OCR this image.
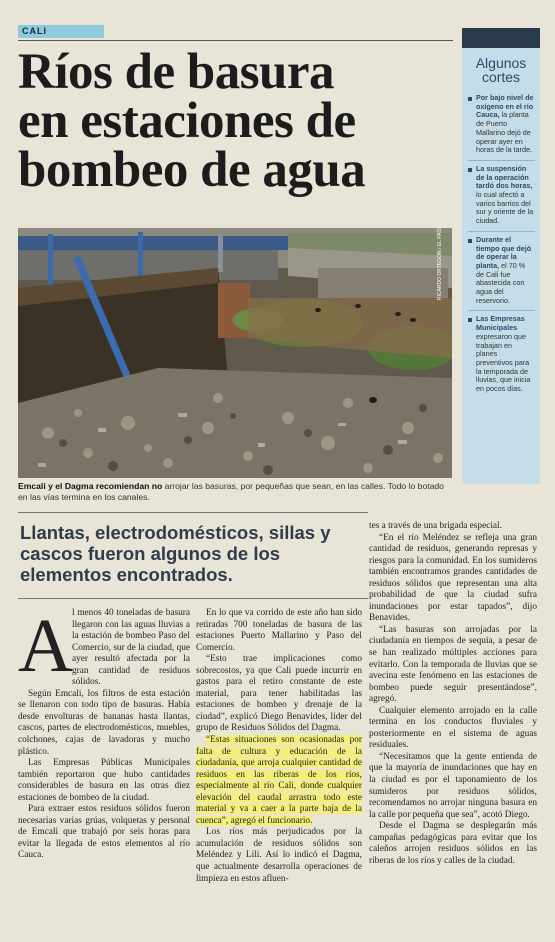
CALI
Ríos de basura
en estaciones de
bombeo de agua
RICARDO ORTEGÓN / EL PAÍS

Emcali y el Dagma recomiendan no arrojar las basuras, por pequeñas que sean, en las calles. Todo lo botado en las vías termina en los canales.

Algunos
cortes
Por bajo nivel de oxígeno en el río Cauca, la planta de Puerto Mallarino dejó de operar ayer en horas de la tarde.
La suspensión de la operación tardó dos horas, lo cual afectó a varios barrios del sur y oriente de la ciudad.
Durante el tiempo que dejó de operar la planta, el 70 % de Cali fue abastecida con agua del reservorio.
Las Empresas Municipales expresaron que trabajan en planes preventivos para la temporada de lluvias, que inicia en pocos días.
Llantas, electrodomésticos, sillas y cascos fueron algunos de los elementos encontrados.
A l menos 40 toneladas de basura llegaron con las aguas lluvias a la estación de bombeo Paso del Comercio, sur de la ciudad, que ayer resultó afectada por la gran cantidad de residuos sólidos.

Según Emcali, los filtros de esta estación se llenaron con todo tipo de basuras. Había desde envolturas de bananas hasta llantas, cascos, partes de electrodomésticos, muebles, colchones, cajas de lavadoras y mucho plástico.

Las Empresas Públicas Municipales también reportaron que hubo cantidades considerables de basura en las otras diez estaciones de bombeo de la ciudad.

Para extraer estos residuos sólidos fueron necesarias varias grúas, volquetas y personal de Emcali que trabajó por seis horas para evitar la llegada de estos elementos al río Cauca.

En lo que va corrido de este año han sido retiradas 700 toneladas de basura de las estaciones Puerto Mallarino y Paso del Comercio.

“Esto trae implicaciones como sobrecostos, ya que Cali puede incurrir en gastos para el retiro constante de este material, para tener habilitadas las estaciones de bombeo y drenaje de la ciudad”, explicó Diego Benavides, líder del grupo de Residuos Sólidos del Dagma.

“Estas situaciones son ocasionadas por falta de cultura y educación de la ciudadanía, que arroja cualquier cantidad de residuos en las riberas de los ríos, especialmente al río Cali, donde cualquier elevación del caudal arrastra todo este material y va a caer a la parte baja de la cuenca”, agregó el funcionario.

Los ríos más perjudicados por la acumulación de residuos sólidos son Meléndez y Lili. Así lo indicó el Dagma, que actualmente desarrolla operaciones de limpieza en estos afluen-

tes a través de una brigada especial.

“En el río Meléndez se refleja una gran cantidad de residuos, generando represas y riesgos para la comunidad. En los sumideros también encontramos grandes cantidades de residuos sólidos que representan una alta probabilidad de que la ciudad sufra inundaciones por estar tapados”, dijo Benavides.

“Las basuras son arrojadas por la ciudadanía en tiempos de sequía, a pesar de se han realizado múltiples acciones para evitarlo. Con la temporada de lluvias que se avecina este fenómeno en las estaciones de bombeo puede seguir presentándose”, agregó.

Cualquier elemento arrojado en la calle termina en los conductos fluviales y posteriormente en el sistema de aguas residuales.

“Necesitamos que la gente entienda de que la mayoría de inundaciones que hay en la ciudad es por el taponamiento de los sumideros por residuos sólidos, recomendamos no arrojar ninguna basura en la calle por pequeña que sea”, acotó Diego.

Desde el Dagma se desplegarán más campañas pedagógicas para evitar que los caleños arrojen residuos sólidos en las riberas de los ríos y calles de la ciudad.
